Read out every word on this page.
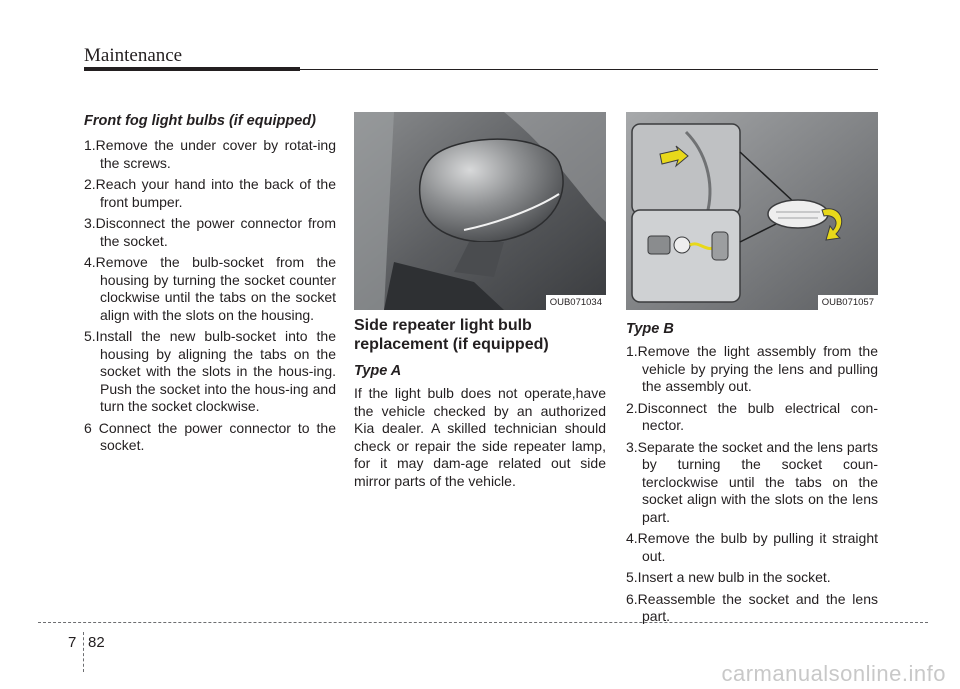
Maintenance
Front fog light bulbs (if equipped)
1.Remove the under cover by rotat-ing the screws.
2.Reach your hand into the back of the front bumper.
3.Disconnect the power connector from the socket.
4.Remove the bulb-socket from the housing by turning the socket counter clockwise until the tabs on the socket align with the slots on the housing.
5.Install the new bulb-socket into the housing by aligning the tabs on the socket with the slots in the hous-ing. Push the socket into the hous-ing and turn the socket clockwise.
6 Connect the power connector to the socket.
OUB071034
Side repeater light bulb replacement (if equipped)
Type A

If the light bulb does not operate,have the vehicle checked by an authorized Kia dealer. A skilled technician should check or repair the side repeater lamp, for it may dam-age related out side mirror parts of the vehicle.

OUB071057
Type B
1.Remove the light assembly from the vehicle by prying the lens and pulling the assembly out.
2.Disconnect the bulb electrical con-nector.
3.Separate the socket and the lens parts by turning the socket coun-terclockwise until the tabs on the socket align with the slots on the lens part.
4.Remove the bulb by pulling it straight out.
5.Insert a new bulb in the socket.
6.Reassemble the socket and the lens part.
7 82
carmanualsonline.info
